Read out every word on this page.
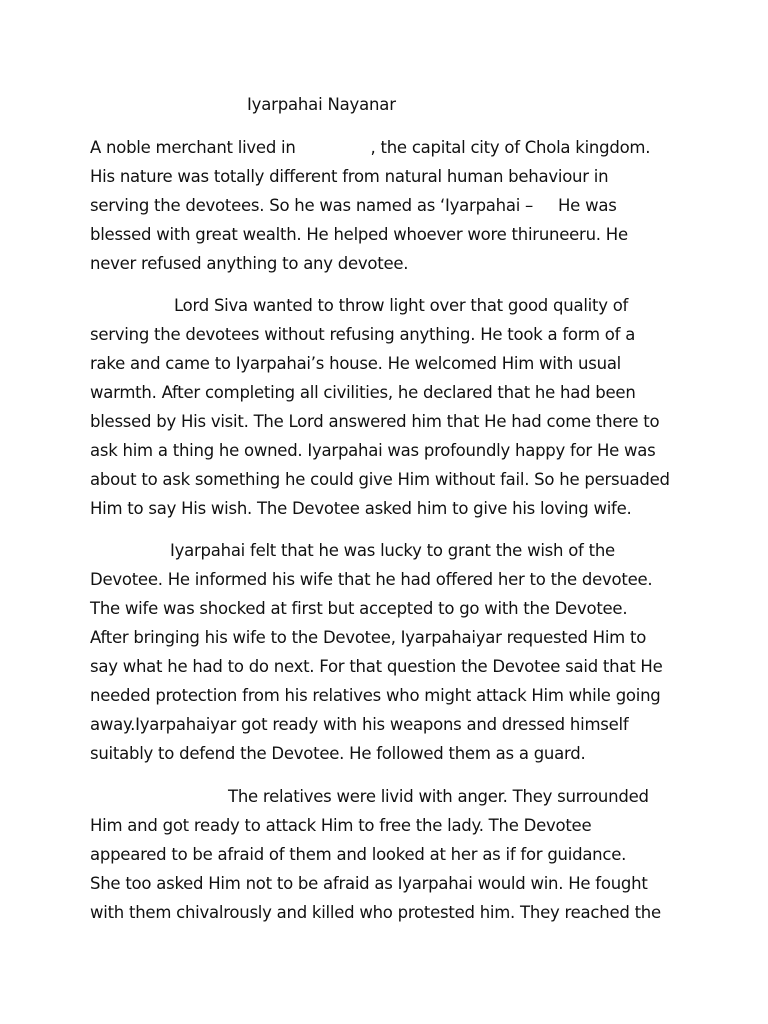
Iyarpahai Nayanar
A noble merchant lived in               , the capital city of Chola kingdom.
His nature was totally different from natural human behaviour in
serving the devotees. So he was named as ‘Iyarpahai –     He was
blessed with great wealth. He helped whoever wore thiruneeru. He
never refused anything to any devotee.
Lord Siva wanted to throw light over that good quality of
serving the devotees without refusing anything. He took a form of a
rake and came to Iyarpahai’s house. He welcomed Him with usual
warmth. After completing all civilities, he declared that he had been
blessed by His visit. The Lord answered him that He had come there to
ask him a thing he owned. Iyarpahai was profoundly happy for He was
about to ask something he could give Him without fail. So he persuaded
Him to say His wish. The Devotee asked him to give his loving wife.
Iyarpahai felt that he was lucky to grant the wish of the
Devotee. He informed his wife that he had offered her to the devotee.
The wife was shocked at first but accepted to go with the Devotee.
After bringing his wife to the Devotee, Iyarpahaiyar requested Him to
say what he had to do next. For that question the Devotee said that He
needed protection from his relatives who might attack Him while going
away.Iyarpahaiyar got ready with his weapons and dressed himself
suitably to defend the Devotee. He followed them as a guard.
The relatives were livid with anger. They surrounded
Him and got ready to attack Him to free the lady. The Devotee
appeared to be afraid of them and looked at her as if for guidance.
She too asked Him not to be afraid as Iyarpahai would win. He fought
with them chivalrously and killed who protested him. They reached the
